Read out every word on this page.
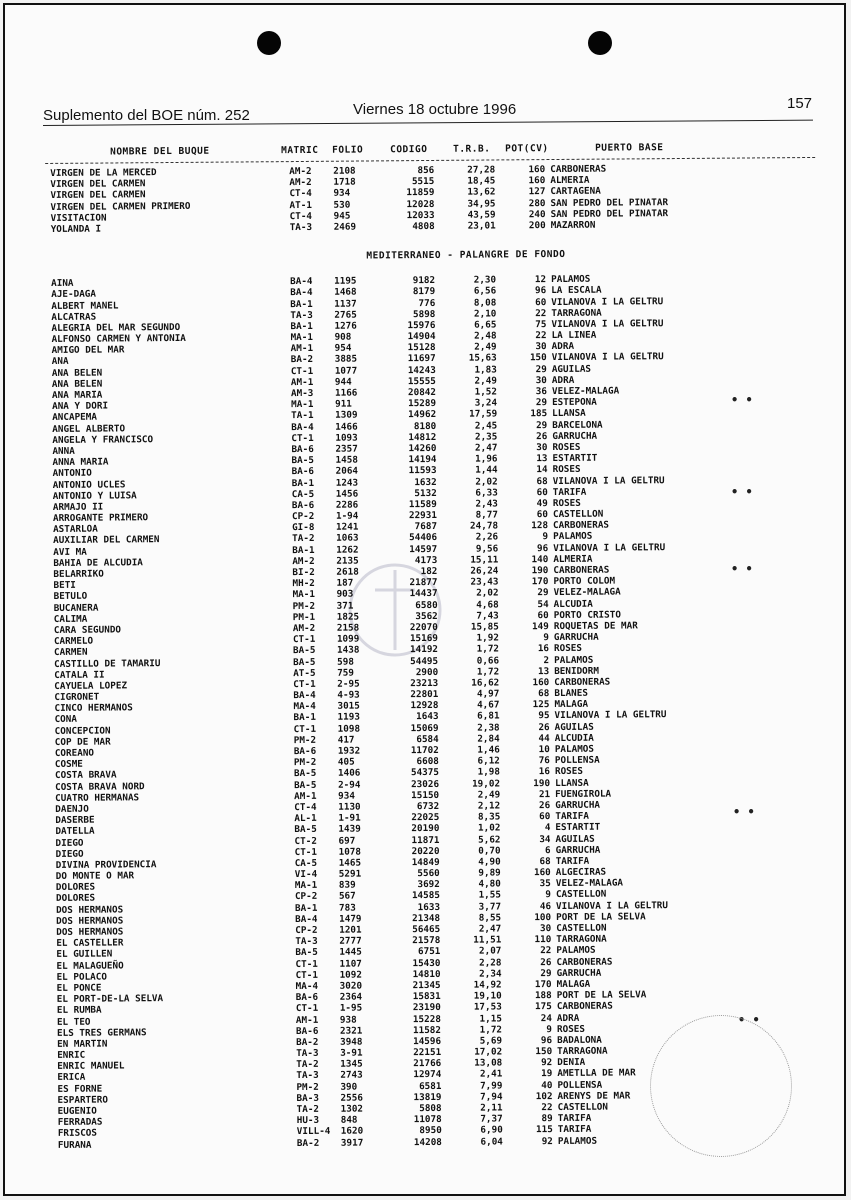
Suplemento del BOE núm. 252	Viernes 18 octubre 1996	157
NOMBRE DEL BUQUE	MATRIC FOLIO	CODIGO	T.R.B. POT(CV)	PUERTO BASE
VIRGEN DE LA MERCED	AM-2 2108	856	27,28	160 CARBONERAS
VIRGEN DEL CARMEN	AM-2 1718	5515	18,45	160 ALMERIA
VIRGEN DEL CARMEN	CT-4 934	11859	13,62	127 CARTAGENA
VIRGEN DEL CARMEN PRIMERO	AT-1 530	12028	34,95	280 SAN PEDRO DEL PINATAR
VISITACION	CT-4 945	12033	43,59	240 SAN PEDRO DEL PINATAR
YOLANDA I	TA-3 2469	4808	23,01	200 MAZARRON
MEDITERRANEO - PALANGRE DE FONDO
AINA	BA-4 1195	9182	2,30	12 PALAMOS
AJE-DAGA	BA-4 1468	8179	6,56	96 LA ESCALA
ALBERT MANEL	BA-1 1137	776	8,08	60 VILANOVA I LA GELTRU
ALCATRAS	TA-3 2765	5898	2,10	22 TARRAGONA
ALEGRIA DEL MAR SEGUNDO	BA-1 1276	15976	6,65	75 VILANOVA I LA GELTRU
ALFONSO CARMEN Y ANTONIA	MA-1 908	14904	2,48	22 LA LINEA
AMIGO DEL MAR	AM-1 954	15128	2,49	30 ADRA
ANA	BA-2 3885	11697	15,63	150 VILANOVA I LA GELTRU
ANA BELEN	CT-1 1077	14243	1,83	29 AGUILAS
ANA BELEN	AM-1 944	15555	2,49	30 ADRA
ANA MARIA	AM-3 1166	20842	1,52	36 VELEZ-MALAGA
ANA Y DORI	MA-1 911	15289	3,24	29 ESTEPONA
ANCAPEMA	TA-1 1309	14962	17,59	185 LLANSA
ANGEL ALBERTO	BA-4 1466	8180	2,45	29 BARCELONA
ANGELA Y FRANCISCO	CT-1 1093	14812	2,35	26 GARRUCHA
ANNA	BA-6 2357	14260	2,47	30 ROSES
ANNA MARIA	BA-5 1458	14194	1,96	13 ESTARTIT
ANTONIO	BA-6 2064	11593	1,44	14 ROSES
ANTONIO UCLES	BA-1 1243	1632	2,02	68 VILANOVA I LA GELTRU
ANTONIO Y LUISA	CA-5 1456	5132	6,33	60 TARIFA
ARMAJO II	BA-6 2286	11589	2,43	49 ROSES
ARROGANTE PRIMERO	CP-2 1-94	22931	8,77	60 CASTELLON
ASTARLOA	GI-8 1241	7687	24,78	128 CARBONERAS
AUXILIAR DEL CARMEN	TA-2 1063	54406	2,26	9 PALAMOS
AVI MA	BA-1 1262	14597	9,56	96 VILANOVA I LA GELTRU
BAHIA DE ALCUDIA	AM-2 2135	4173	15,11	140 ALMERIA
BELARRIKO	BI-2 2618	182	26,24	190 CARBONERAS
BETI	MH-2 187	21877	23,43	170 PORTO COLOM
BETULO	MA-1 903	14437	2,02	29 VELEZ-MALAGA
BUCANERA	PM-2 371	6580	4,68	54 ALCUDIA
CALIMA	PM-1 1825	3562	7,43	60 PORTO CRISTO
CARA SEGUNDO	AM-2 2158	22070	15,85	149 ROQUETAS DE MAR
CARMELO	CT-1 1099	15169	1,92	9 GARRUCHA
CARMEN	BA-5 1438	14192	1,72	16 ROSES
CASTILLO DE TAMARIU	BA-5 598	54495	0,66	2 PALAMOS
CATALA II	AT-5 759	2900	1,72	13 BENIDORM
CAYUELA LOPEZ	CT-1 2-95	23213	16,62	160 CARBONERAS
CIGRONET	BA-4 4-93	22801	4,97	68 BLANES
CINCO HERMANOS	MA-4 3015	12928	4,67	125 MALAGA
CONA	BA-1 1193	1643	6,81	95 VILANOVA I LA GELTRU
CONCEPCION	CT-1 1098	15069	2,38	26 AGUILAS
COP DE MAR	PM-2 417	6584	2,84	44 ALCUDIA
COREANO	BA-6 1932	11702	1,46	10 PALAMOS
COSME	PM-2 405	6608	6,12	76 POLLENSA
COSTA BRAVA	BA-5 1406	54375	1,98	16 ROSES
COSTA BRAVA NORD	BA-5 2-94	23026	19,02	190 LLANSA
CUATRO HERMANAS	AM-1 934	15150	2,49	21 FUENGIROLA
DAENJO	CT-4 1130	6732	2,12	26 GARRUCHA
DASERBE	AL-1 1-91	22025	8,35	60 TARIFA
DATELLA	BA-5 1439	20190	1,02	4 ESTARTIT
DIEGO	CT-2 697	11871	5,62	34 AGUILAS
DIEGO	CT-1 1078	20220	0,70	6 GARRUCHA
DIVINA PROVIDENCIA	CA-5 1465	14849	4,90	68 TARIFA
DO MONTE O MAR	VI-4 5291	5560	9,89	160 ALGECIRAS
DOLORES	MA-1 839	3692	4,80	35 VELEZ-MALAGA
DOLORES	CP-2 567	14585	1,55	9 CASTELLON
DOS HERMANOS	BA-1 783	1633	3,77	46 VILANOVA I LA GELTRU
DOS HERMANOS	BA-4 1479	21348	8,55	100 PORT DE LA SELVA
DOS HERMANOS	CP-2 1201	56465	2,47	30 CASTELLON
EL CASTELLER	TA-3 2777	21578	11,51	110 TARRAGONA
EL GUILLEN	BA-5 1445	6751	2,07	22 PALAMOS
EL MALAGUEÑO	CT-1 1107	15430	2,28	26 CARBONERAS
EL POLACO	CT-1 1092	14810	2,34	29 GARRUCHA
EL PONCE	MA-4 3020	21345	14,92	170 MALAGA
EL PORT-DE-LA SELVA	BA-6 2364	15831	19,10	188 PORT DE LA SELVA
EL RUMBA	CT-1 1-95	23190	17,53	175 CARBONERAS
EL TEO	AM-1 938	15228	1,15	24 ADRA
ELS TRES GERMANS	BA-6 2321	11582	1,72	9 ROSES
EN MARTIN	BA-2 3948	14596	5,69	96 BADALONA
ENRIC	TA-3 3-91	22151	17,02	150 TARRAGONA
ENRIC MANUEL	TA-2 1345	21766	13,08	92 DENIA
ERICA	TA-3 2743	12974	2,41	19 AMETLLA DE MAR
ES FORNE	PM-2 390	6581	7,99	40 POLLENSA
ESPARTERO	BA-3 2556	13819	7,94	102 ARENYS DE MAR
EUGENIO	TA-2 1302	5808	2,11	22 CASTELLON
FERRADAS	HU-3 848	11078	7,37	89 TARIFA
FRISCOS	VILL-4 1620	8950	6,90	115 TARIFA
FURANA	BA-2 3917	14208	6,04	92 PALAMOS
• •
• •
• •
• •
• •
